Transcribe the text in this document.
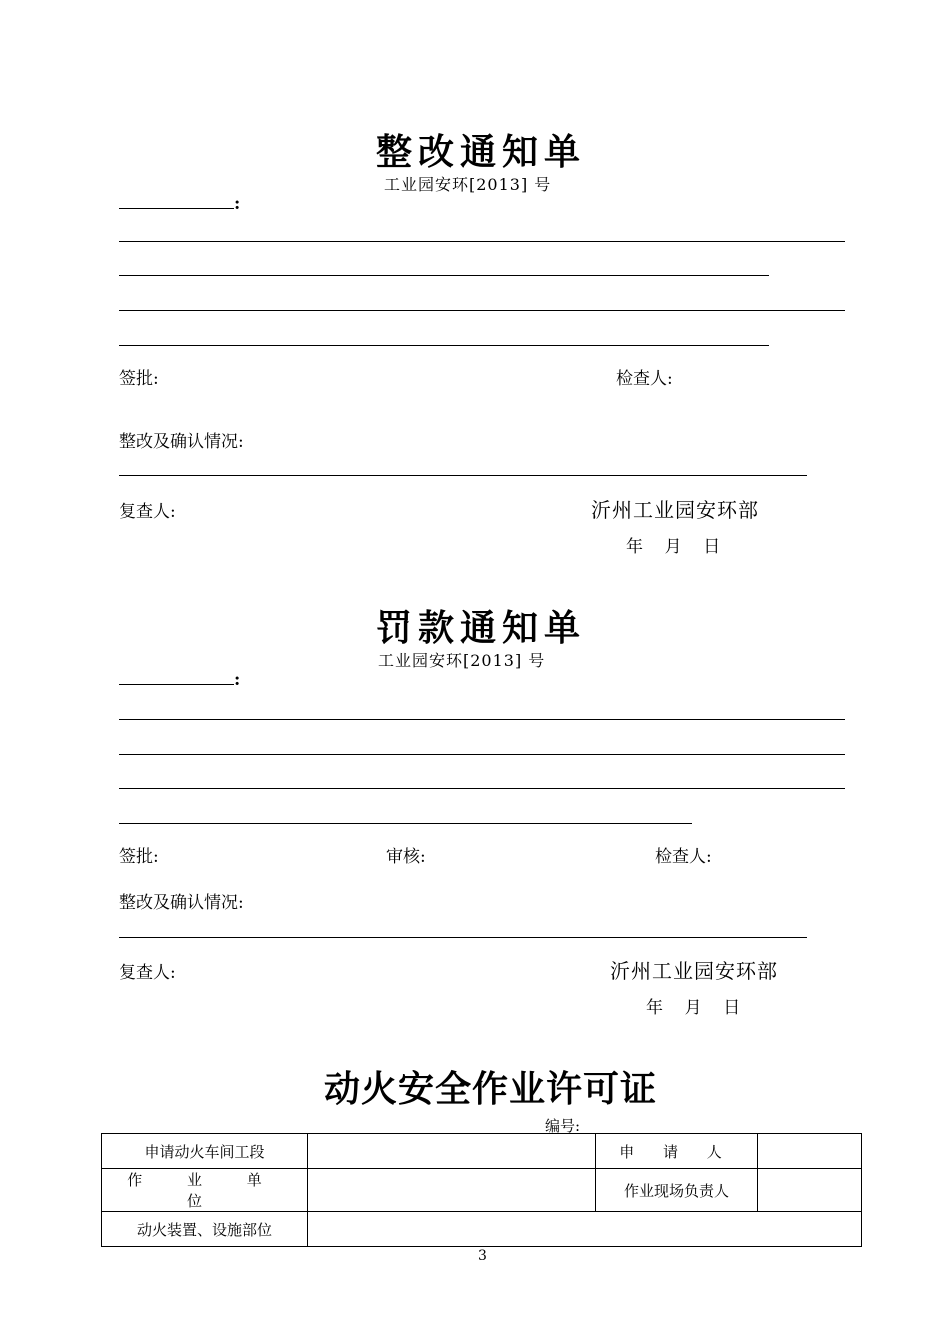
整改通知单
工业园安环[2013] 号
:
签批:	检查人:
整改及确认情况:
复查人:	沂州工业园安环部
年    月    日
罚款通知单
工业园安环[2013] 号
:
签批:	审核:	检查人:
整改及确认情况:
复查人:	沂州工业园安环部
年    月    日
动火安全作业许可证
编号:
申请动火车间工段		申 请 人	
作 业 单 位		作业现场负责人	
动火装置、设施部位			
3
